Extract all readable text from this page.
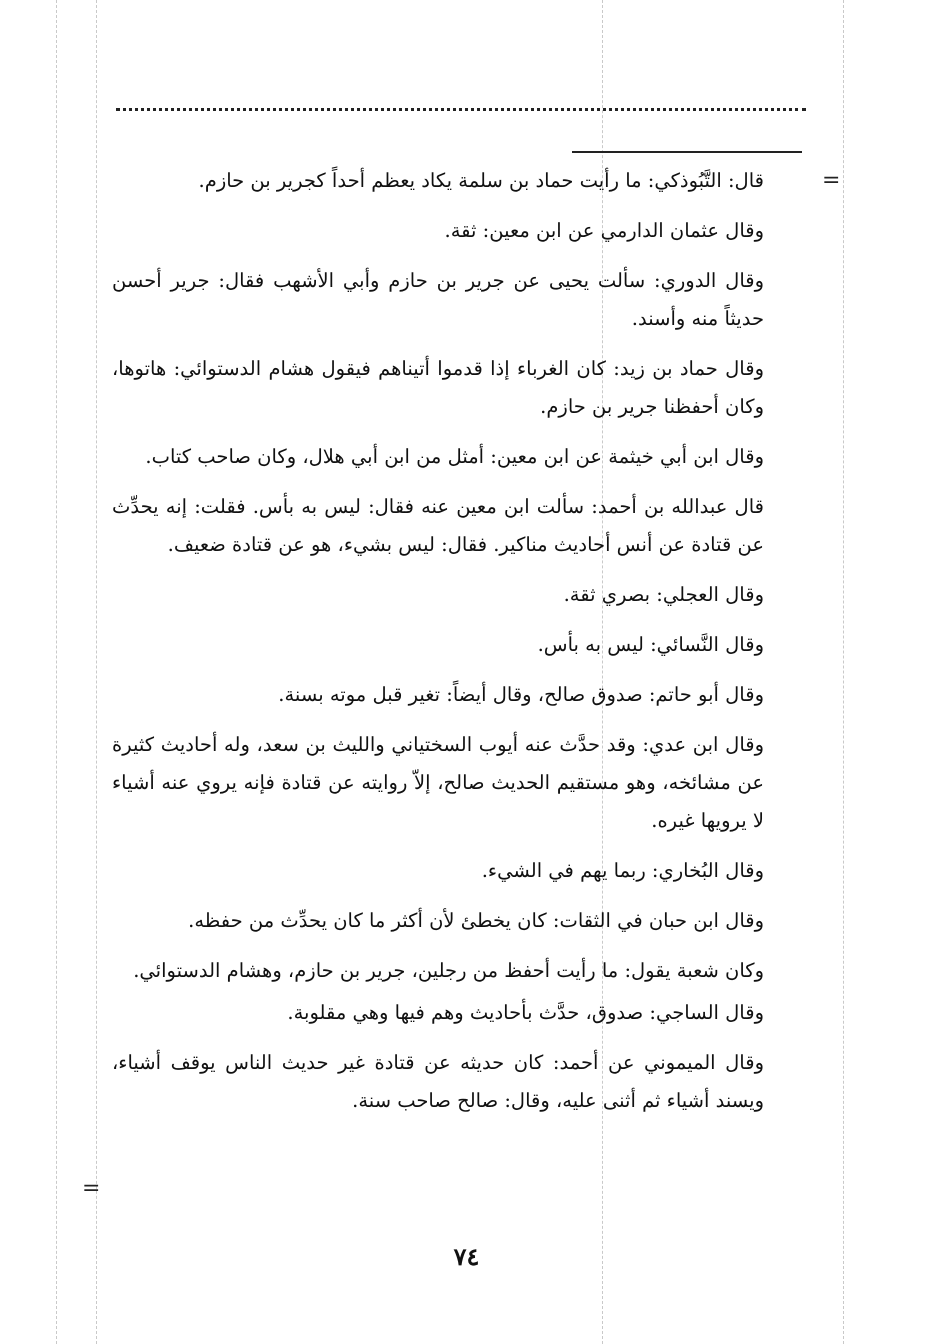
=
=

قال: التَّبُوذكي: ما رأيت حماد بن سلمة يكاد يعظم أحداً كجرير بن حازم.

وقال عثمان الدارمي عن ابن معين: ثقة.

وقال الدوري: سألت يحيى عن جرير بن حازم وأبي الأشهب فقال: جرير أحسن حديثاً منه وأسند.

وقال حماد بن زيد: كان الغرباء إذا قدموا أتيناهم فيقول هشام الدستوائي: هاتوها، وكان أحفظنا جرير بن حازم.

وقال ابن أبي خيثمة عن ابن معين: أمثل من ابن أبي هلال، وكان صاحب كتاب.

قال عبدالله بن أحمد: سألت ابن معين عنه فقال: ليس به بأس. فقلت: إنه يحدِّث عن قتادة عن أنس أحاديث مناكير. فقال: ليس بشيء، هو عن قتادة ضعيف.

وقال العجلي: بصري ثقة.

وقال النَّسائي: ليس به بأس.

وقال أبو حاتم: صدوق صالح، وقال أيضاً: تغير قبل موته بسنة.

وقال ابن عدي: وقد حدَّث عنه أيوب السختياني والليث بن سعد، وله أحاديث كثيرة عن مشائخه، وهو مستقيم الحديث صالح، إلاّ روايته عن قتادة فإنه يروي عنه أشياء لا يرويها غيره.

وقال البُخاري: ربما يهم في الشيء.

وقال ابن حبان في الثقات: كان يخطئ لأن أكثر ما كان يحدِّث من حفظه.

وكان شعبة يقول: ما رأيت أحفظ من رجلين، جرير بن حازم، وهشام الدستوائي.

وقال الساجي: صدوق، حدَّث بأحاديث وهم فيها وهي مقلوبة.

وقال الميموني عن أحمد: كان حديثه عن قتادة غير حديث الناس يوقف أشياء، ويسند أشياء ثم أثنى عليه، وقال: صالح صاحب سنة.

٧٤
